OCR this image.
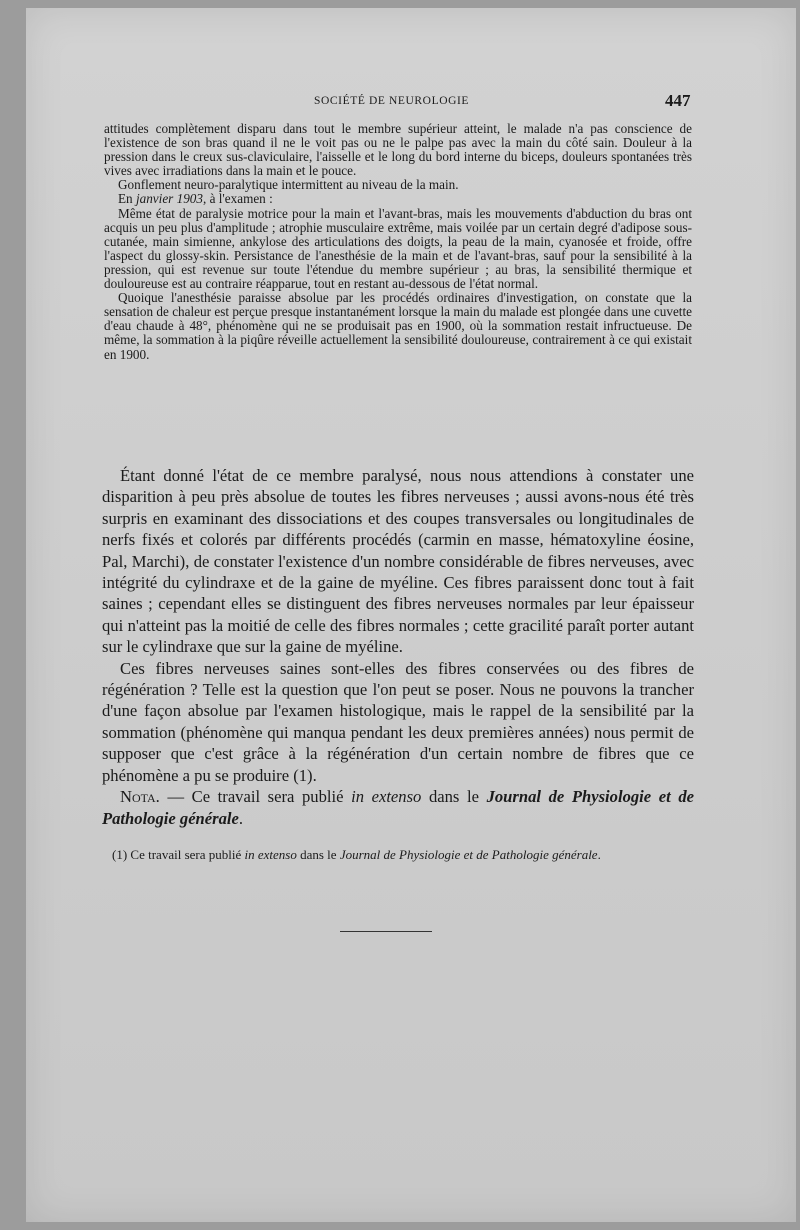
SOCIÉTÉ DE NEUROLOGIE	447

attitudes complètement disparu dans tout le membre supérieur atteint, le malade n'a pas conscience de l'existence de son bras quand il ne le voit pas ou ne le palpe pas avec la main du côté sain. Douleur à la pression dans le creux sus-claviculaire, l'aisselle et le long du bord interne du biceps, douleurs spontanées très vives avec irradiations dans la main et le pouce.

Gonflement neuro-paralytique intermittent au niveau de la main.

En janvier 1903, à l'examen :

Même état de paralysie motrice pour la main et l'avant-bras, mais les mouvements d'abduction du bras ont acquis un peu plus d'amplitude ; atrophie musculaire extrême, mais voilée par un certain degré d'adipose sous-cutanée, main simienne, ankylose des articulations des doigts, la peau de la main, cyanosée et froide, offre l'aspect du glossy-skin. Persistance de l'anesthésie de la main et de l'avant-bras, sauf pour la sensibilité à la pression, qui est revenue sur toute l'étendue du membre supérieur ; au bras, la sensibilité thermique et douloureuse est au contraire réapparue, tout en restant au-dessous de l'état normal.

Quoique l'anesthésie paraisse absolue par les procédés ordinaires d'investigation, on constate que la sensation de chaleur est perçue presque instantanément lorsque la main du malade est plongée dans une cuvette d'eau chaude à 48°, phénomène qui ne se produisait pas en 1900, où la sommation restait infructueuse. De même, la sommation à la piqûre réveille actuellement la sensibilité douloureuse, contrairement à ce qui existait en 1900.

Étant donné l'état de ce membre paralysé, nous nous attendions à constater une disparition à peu près absolue de toutes les fibres nerveuses ; aussi avons-nous été très surpris en examinant des dissociations et des coupes transversales ou longitudinales de nerfs fixés et colorés par différents procédés (carmin en masse, hématoxyline éosine, Pal, Marchi), de constater l'existence d'un nombre considérable de fibres nerveuses, avec intégrité du cylindraxe et de la gaine de myéline. Ces fibres paraissent donc tout à fait saines ; cependant elles se distinguent des fibres nerveuses normales par leur épaisseur qui n'atteint pas la moitié de celle des fibres normales ; cette gracilité paraît porter autant sur le cylindraxe que sur la gaine de myéline.

Ces fibres nerveuses saines sont-elles des fibres conservées ou des fibres de régénération ? Telle est la question que l'on peut se poser. Nous ne pouvons la trancher d'une façon absolue par l'examen histologique, mais le rappel de la sensibilité par la sommation (phénomène qui manqua pendant les deux premières années) nous permit de supposer que c'est grâce à la régénération d'un certain nombre de fibres que ce phénomène a pu se produire (1).

Nota. — Ce travail sera publié in extenso dans le Journal de Physiologie et de Pathologie générale.

(1) Ce travail sera publié in extenso dans le Journal de Physiologie et de Pathologie générale.
